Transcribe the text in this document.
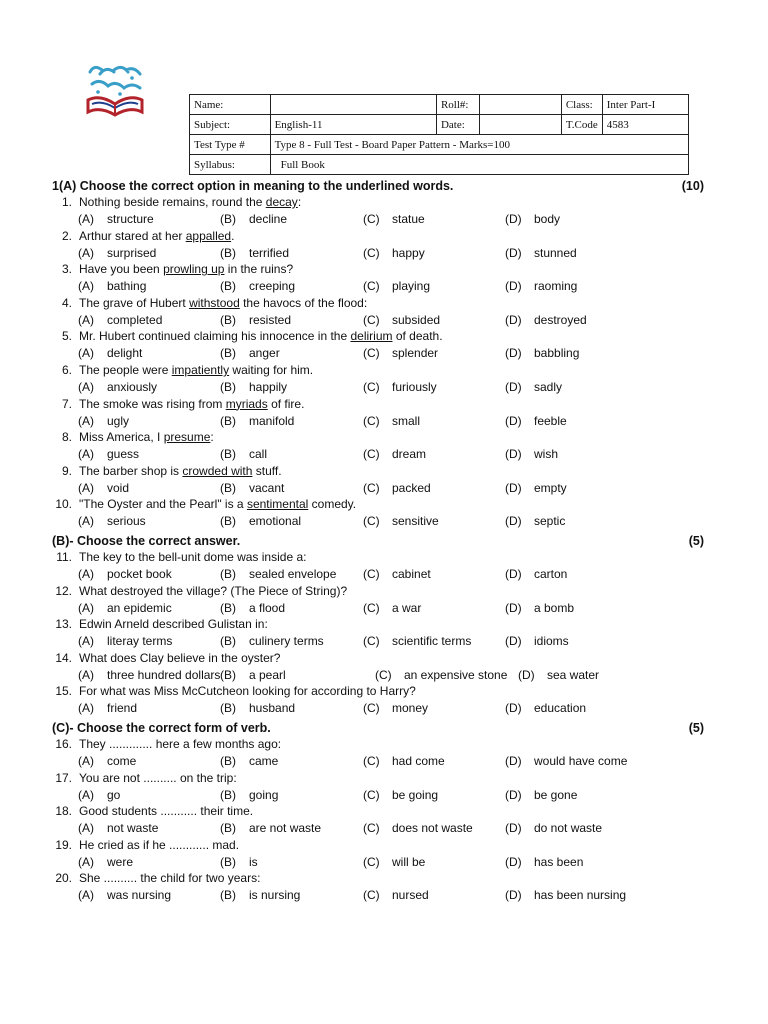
Name:		Roll#:		Class:	Inter Part-I
Subject:	English-11	Date:		T.Code	4583
Test Type #	Type 8 - Full Test - Board Paper Pattern - Marks=100				
Syllabus:	Full Book				
1(A) Choose the correct option in meaning to the underlined words.	(10)
1. Nothing beside remains, round the decay:
(A) structure	(B) decline	(C) statue	(D) body
2. Arthur stared at her appalled.
(A) surprised	(B) terrified	(C) happy	(D) stunned
3. Have you been prowling up in the ruins?
(A) bathing	(B) creeping	(C) playing	(D) raoming
4. The grave of Hubert withstood the havocs of the flood:
(A) completed	(B) resisted	(C) subsided	(D) destroyed
5. Mr. Hubert continued claiming his innocence in the delirium of death.
(A) delight	(B) anger	(C) splender	(D) babbling
6. The people were impatiently waiting for him.
(A) anxiously	(B) happily	(C) furiously	(D) sadly
7. The smoke was rising from myriads of fire.
(A) ugly	(B) manifold	(C) small	(D) feeble
8. Miss America, I presume:
(A) guess	(B) call	(C) dream	(D) wish
9. The barber shop is crowded with stuff.
(A) void	(B) vacant	(C) packed	(D) empty
10. "The Oyster and the Pearl" is a sentimental comedy.
(A) serious	(B) emotional	(C) sensitive	(D) septic
(B)- Choose the correct answer.	(5)
11. The key to the bell-unit dome was inside a:
(A) pocket book	(B) sealed envelope (C) cabinet	(D) carton
12. What destroyed the village? (The Piece of String)?
(A) an epidemic	(B) a flood	(C) a war	(D) a bomb
13. Edwin Arneld described Gulistan in:
(A) literay terms	(B) culinery terms	(C) scientific terms	(D) idioms
14. What does Clay believe in the oyster?
(A) three hundred dollars (B) a pearl	(C) an expensive stone (D) sea water
15. For what was Miss McCutcheon looking for according to Harry?
(A) friend	(B) husband	(C) money	(D) education
(C)- Choose the correct form of verb.	(5)
16. They ............. here a few months ago:
(A) come	(B) came	(C) had come	(D) would have come
17. You are not .......... on the trip:
(A) go	(B) going	(C) be going	(D) be gone
18. Good students ........... their time.
(A) not waste	(B) are not waste	(C) does not waste	(D) do not waste
19. He cried as if he ............ mad.
(A) were	(B) is	(C) will be	(D) has been
20. She .......... the child for two years:
(A) was nursing	(B) is nursing	(C) nursed	(D) has been nursing
